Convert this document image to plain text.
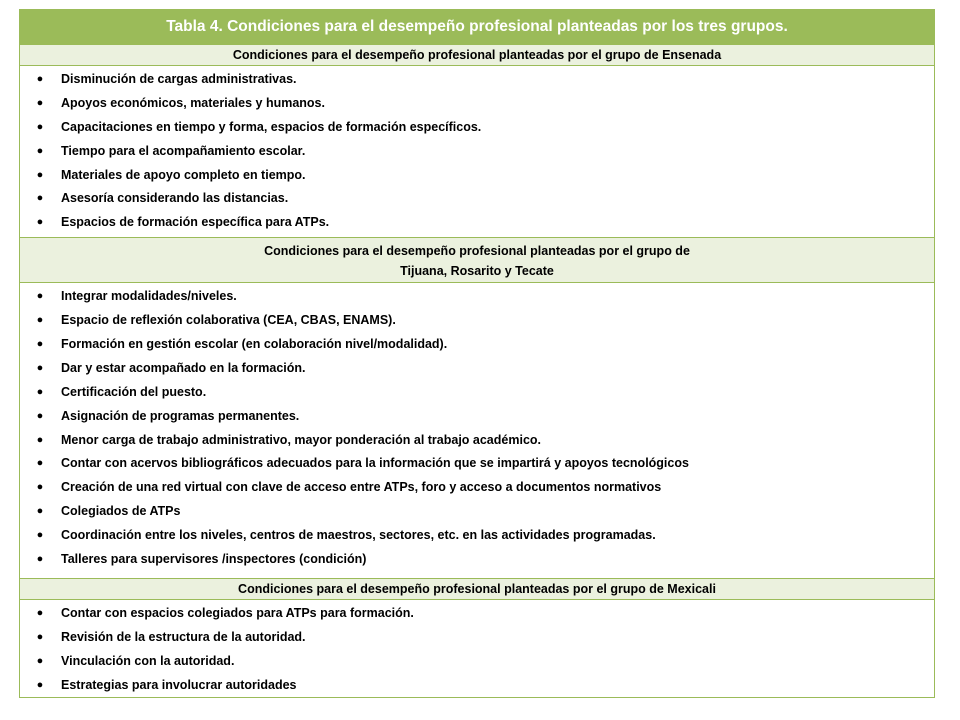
Tabla 4. Condiciones para el desempeño profesional planteadas por los tres grupos.
Condiciones para el desempeño profesional planteadas por el grupo de Ensenada
● Disminución de cargas administrativas.
● Apoyos económicos, materiales y humanos.
● Capacitaciones en tiempo y forma, espacios de formación específicos.
● Tiempo para el acompañamiento escolar.
● Materiales de apoyo completo en tiempo.
● Asesoría considerando las distancias.
● Espacios de formación específica para ATPs.
Condiciones para el desempeño profesional planteadas por el grupo de
Tijuana, Rosarito y Tecate
● Integrar modalidades/niveles.
● Espacio de reflexión colaborativa (CEA, CBAS, ENAMS).
● Formación en gestión escolar (en colaboración nivel/modalidad).
● Dar y estar acompañado en la formación.
● Certificación del puesto.
● Asignación de programas permanentes.
● Menor carga de trabajo administrativo, mayor ponderación al trabajo académico.
● Contar con acervos bibliográficos adecuados para la información que se impartirá y apoyos tecnológicos
● Creación de una red virtual con clave de acceso entre ATPs, foro y acceso a documentos normativos
● Colegiados de ATPs
● Coordinación entre los niveles, centros de maestros, sectores, etc. en las actividades programadas.
● Talleres para supervisores /inspectores (condición)
Condiciones para el desempeño profesional planteadas por el grupo de Mexicali
● Contar con espacios colegiados para ATPs para formación.
● Revisión de la estructura de la autoridad.
● Vinculación con la autoridad.
● Estrategias para involucrar autoridades
